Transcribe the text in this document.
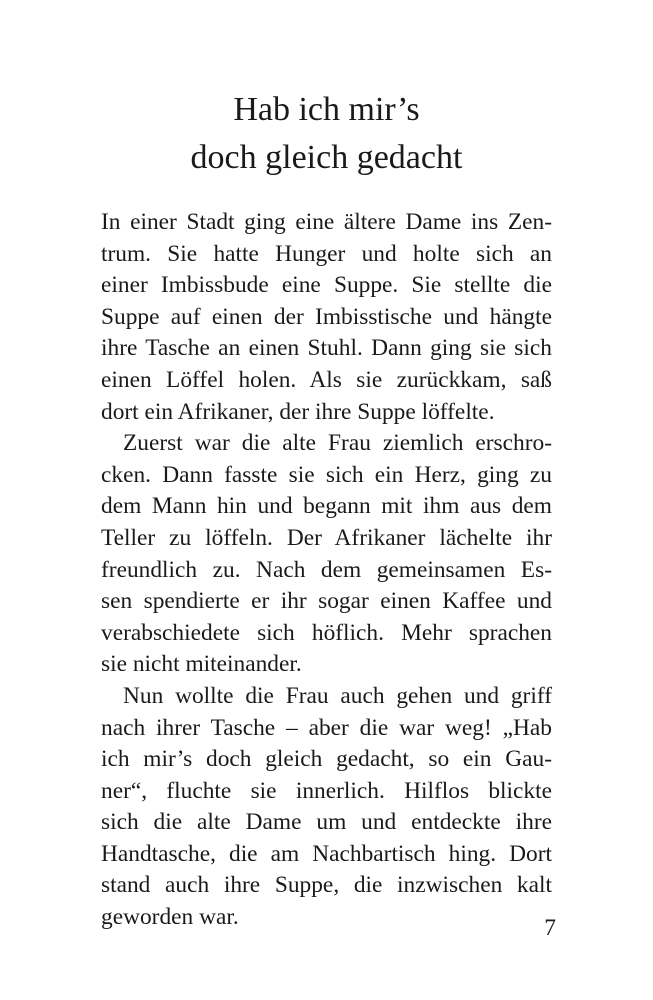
Hab ich mir’s
doch gleich gedacht
In einer Stadt ging eine ältere Dame ins Zen-
trum. Sie hatte Hunger und holte sich an
einer Imbissbude eine Suppe. Sie stellte die
Suppe auf einen der Imbisstische und hängte
ihre Tasche an einen Stuhl. Dann ging sie sich
einen Löffel holen. Als sie zurückkam, saß
dort ein Afrikaner, der ihre Suppe löffelte.
Zuerst war die alte Frau ziemlich erschro-
cken. Dann fasste sie sich ein Herz, ging zu
dem Mann hin und begann mit ihm aus dem
Teller zu löffeln. Der Afrikaner lächelte ihr
freundlich zu. Nach dem gemeinsamen Es-
sen spendierte er ihr sogar einen Kaffee und
verabschiedete sich höflich. Mehr sprachen
sie nicht miteinander.
Nun wollte die Frau auch gehen und griff
nach ihrer Tasche – aber die war weg! „Hab
ich mir’s doch gleich gedacht, so ein Gau-
ner“, fluchte sie innerlich. Hilflos blickte
sich die alte Dame um und entdeckte ihre
Handtasche, die am Nachbartisch hing. Dort
stand auch ihre Suppe, die inzwischen kalt
geworden war.	7
